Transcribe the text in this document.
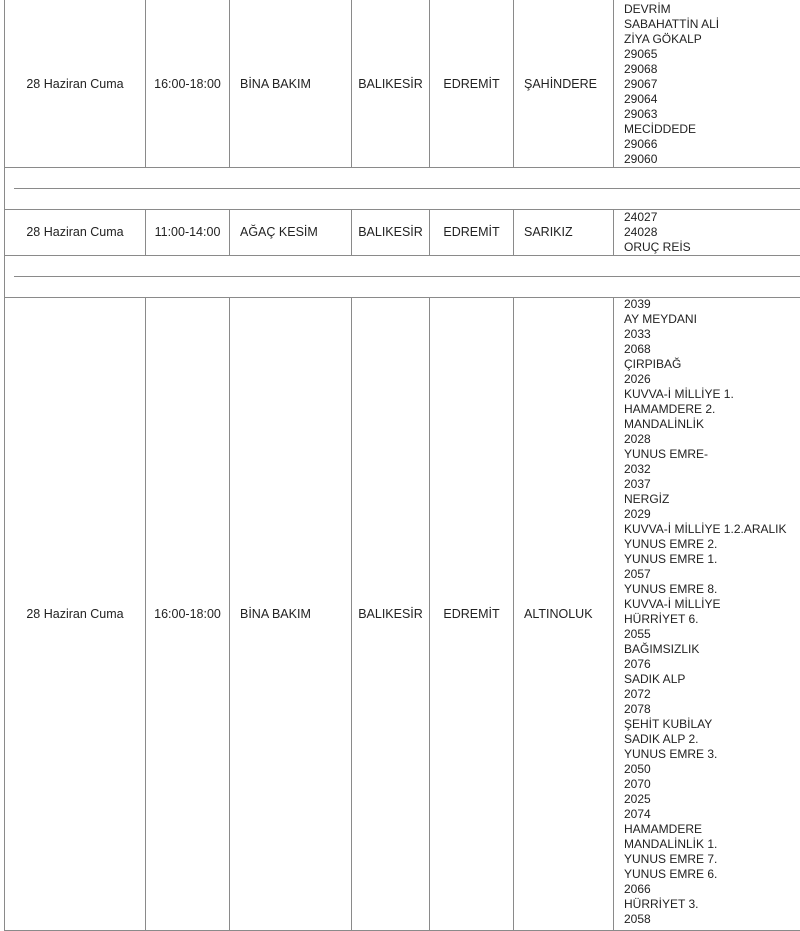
28 Haziran Cuma 16:00-18:00 BİNA BAKIM	BALIKESİR EDREMİT ŞAHİNDERE
DEVRİM
SABAHATTİN ALİ
ZİYA GÖKALP
29065
29068
29067
29064
29063
MECİDDEDE
29066
29060
28 Haziran Cuma 11:00-14:00 AĞAÇ KESİM	BALIKESİR EDREMİT SARIKIZ
24027
24028
ORUÇ REİS
28 Haziran Cuma 16:00-18:00 BİNA BAKIM	BALIKESİR EDREMİT ALTINOLUK
2039
AY MEYDANI
2033
2068
ÇIRPIBAĞ
2026
KUVVA-İ MİLLİYE 1.
HAMAMDERE 2.
MANDALİNLİK
2028
YUNUS EMRE-
2032
2037
NERGİZ
2029
KUVVA-İ MİLLİYE 1.2.ARALIK
YUNUS EMRE 2.
YUNUS EMRE 1.
2057
YUNUS EMRE 8.
KUVVA-İ MİLLİYE
HÜRRİYET 6.
2055
BAĞIMSIZLIK
2076
SADIK ALP
2072
2078
ŞEHİT KUBİLAY
SADIK ALP 2.
YUNUS EMRE 3.
2050
2070
2025
2074
HAMAMDERE
MANDALİNLİK 1.
YUNUS EMRE 7.
YUNUS EMRE 6.
2066
HÜRRİYET 3.
2058
